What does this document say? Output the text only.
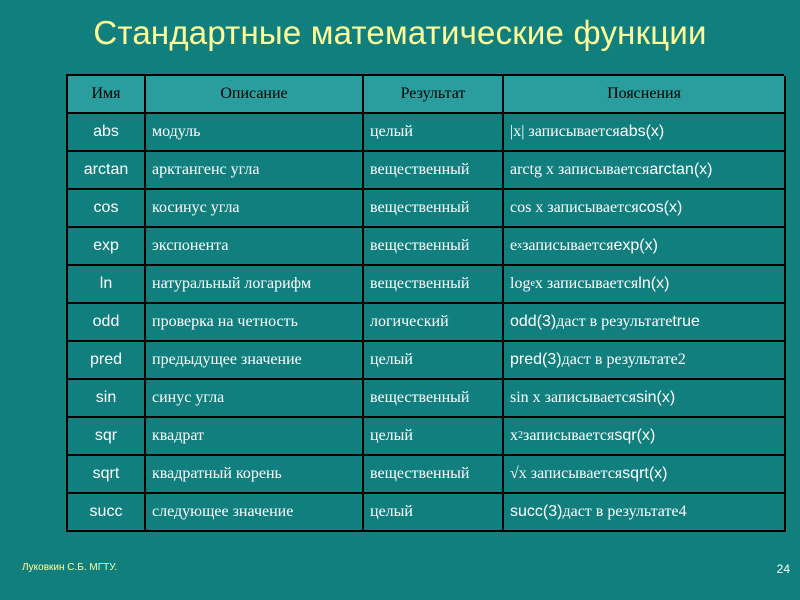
Стандартные математические функции
Имя	Описание	Результат	Пояснения
abs	модуль	целый	|x| записывается abs(x)
arctan	арктангенс угла	вещественный	arctg x записывается arctan(x)
cos	косинус угла	вещественный	cos x записывается cos(x)
exp	экспонента	вещественный	e x записывается exp(x)
ln	натуральный логарифм	вещественный	log e x записывается ln(x)
odd	проверка на четность	логический	odd(3) даст в результате true
pred	предыдущее значение	целый	pred(3) даст в результате 2
sin	синус угла	вещественный	sin x записывается sin(x)
sqr	квадрат	целый	x 2 записывается sqr(x)
sqrt	квадратный корень	вещественный	√x записывается sqrt(x)
succ	следующее значение	целый	succ(3) даст в результате 4
Луковкин С.Б. МГТУ.	24
